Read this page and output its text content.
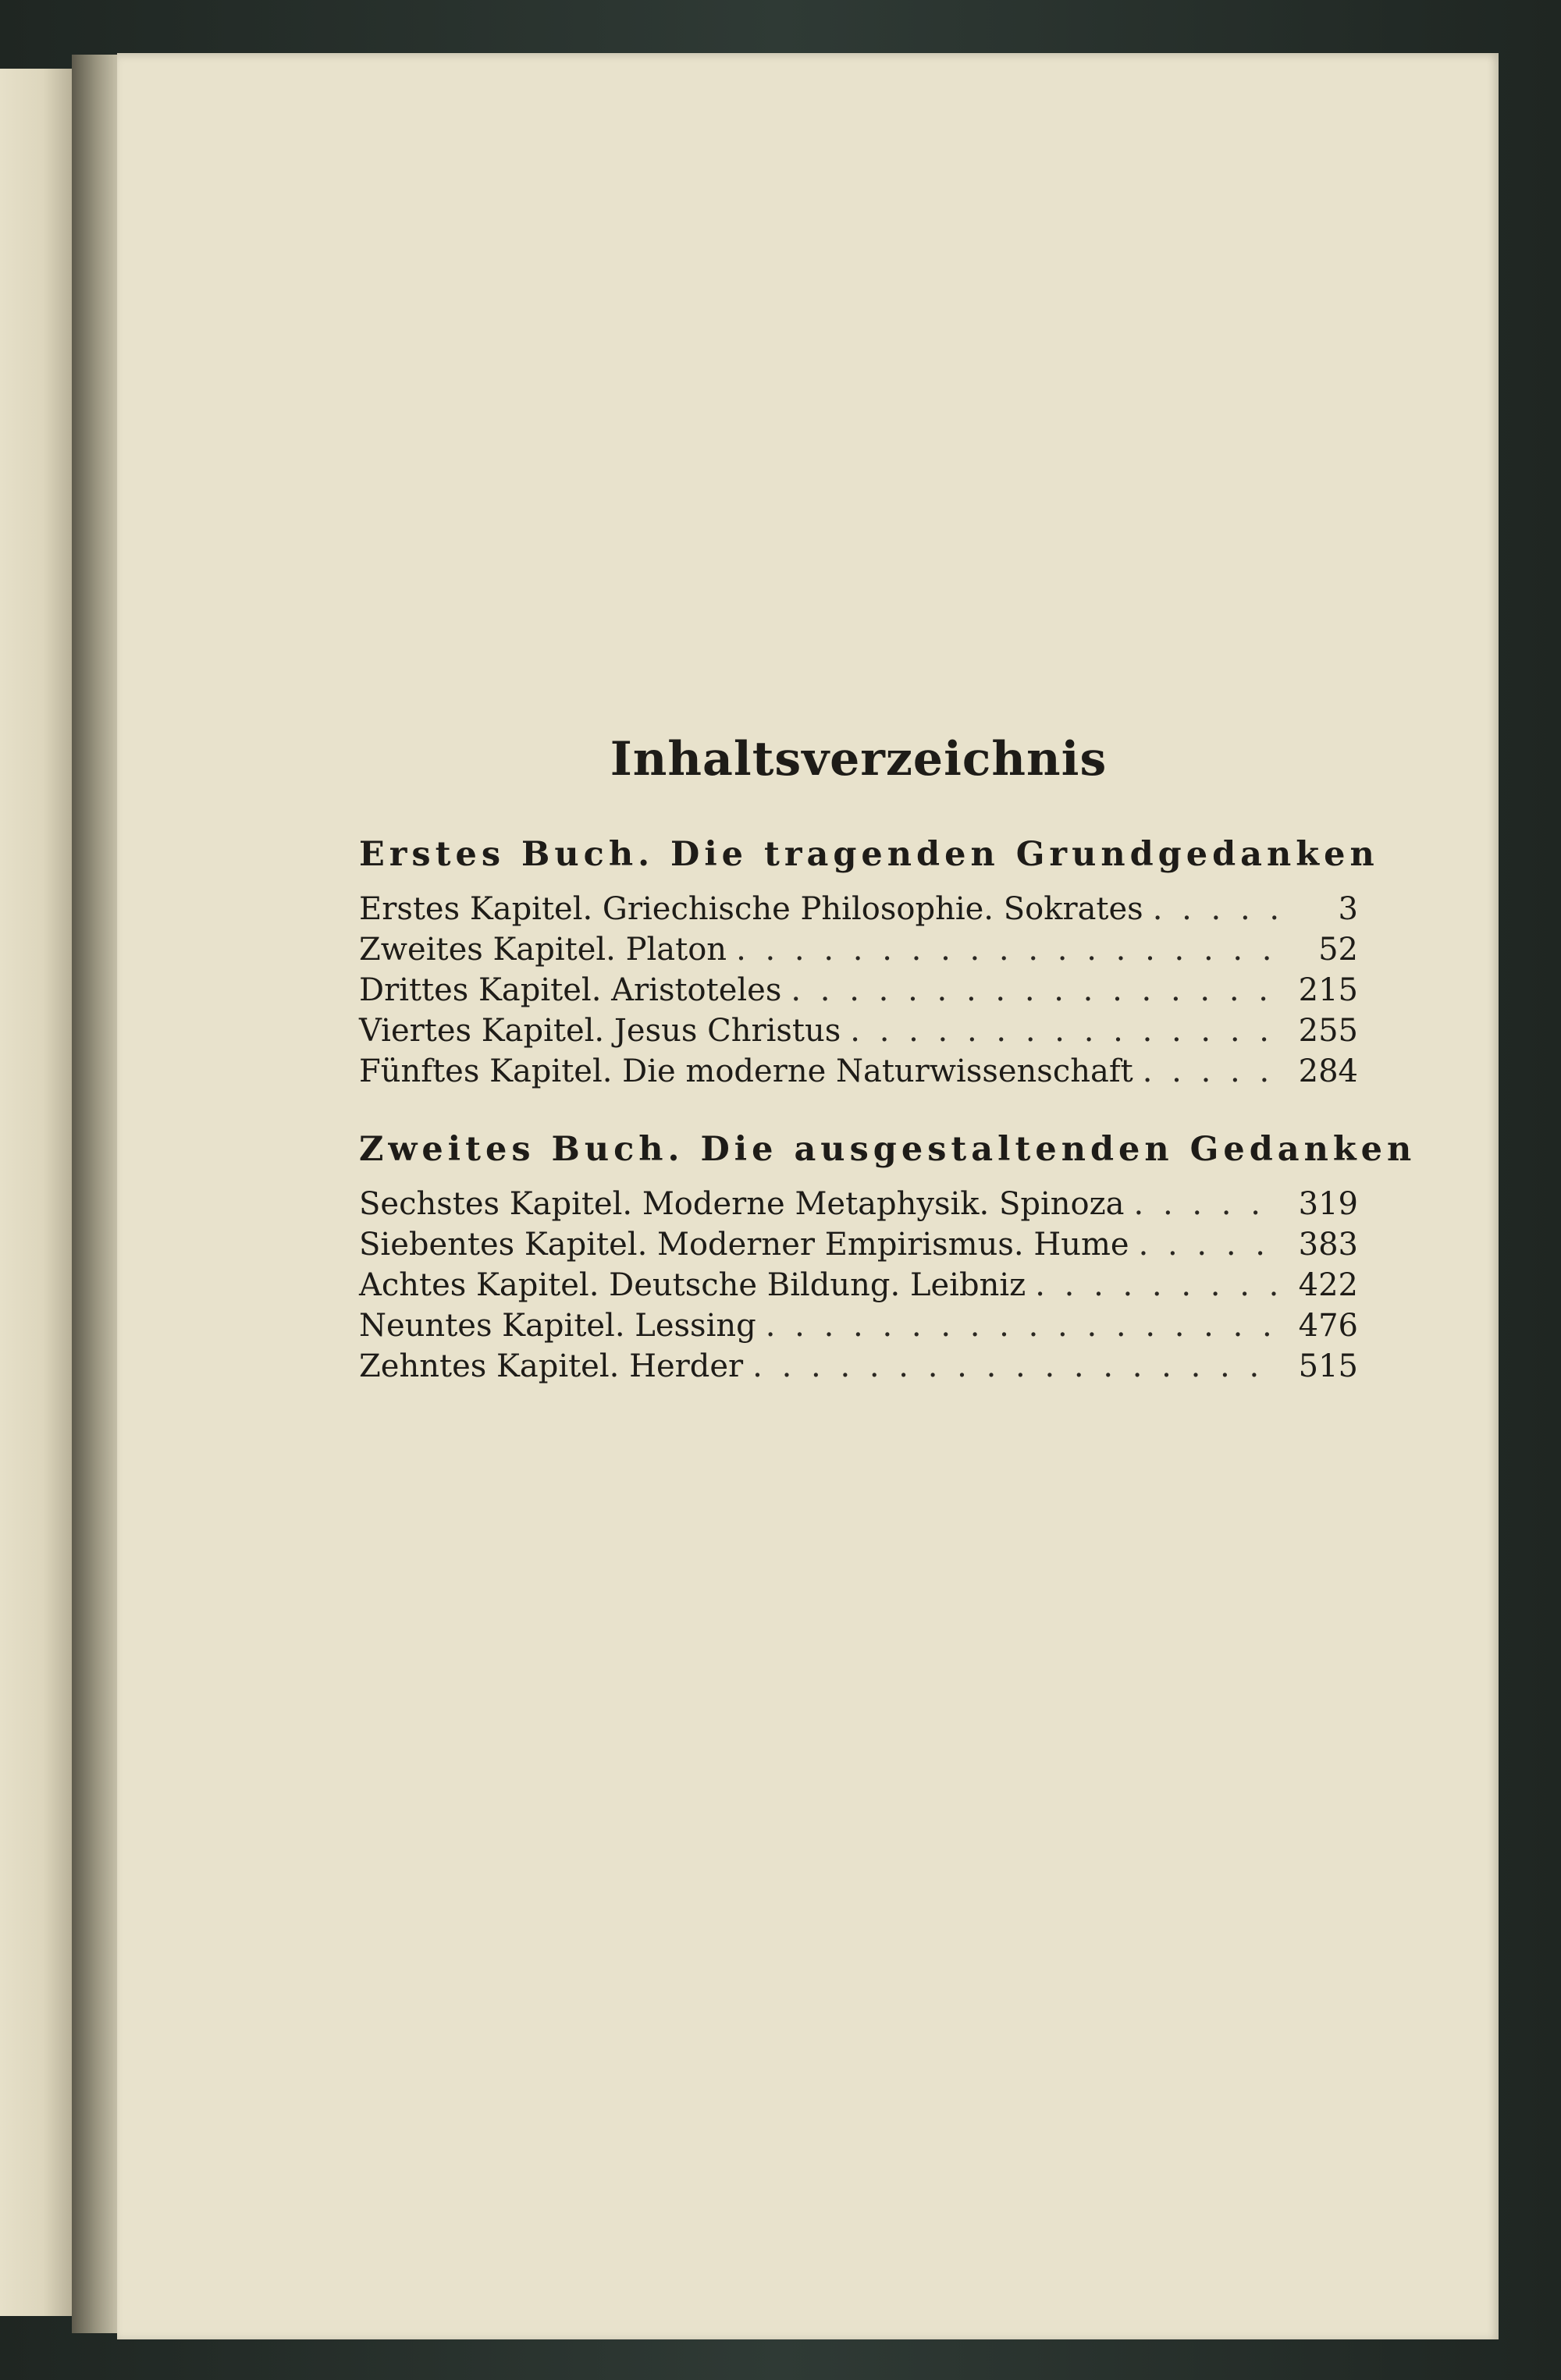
Inhaltsverzeichnis
Erstes Buch. Die tragenden Grundgedanken
Erstes Kapitel. Griechische Philosophie. Sokrates . . .	3
Zweites Kapitel. Platon . . .	52
Drittes Kapitel. Aristoteles . . .	215
Viertes Kapitel. Jesus Christus . . .	255
Fünftes Kapitel. Die moderne Naturwissenschaft . . .	284
Zweites Buch. Die ausgestaltenden Gedanken
Sechstes Kapitel. Moderne Metaphysik. Spinoza . . .	319
Siebentes Kapitel. Moderner Empirismus. Hume . . .	383
Achtes Kapitel. Deutsche Bildung. Leibniz . . .	422
Neuntes Kapitel. Lessing . . .	476
Zehntes Kapitel. Herder . . .	515
